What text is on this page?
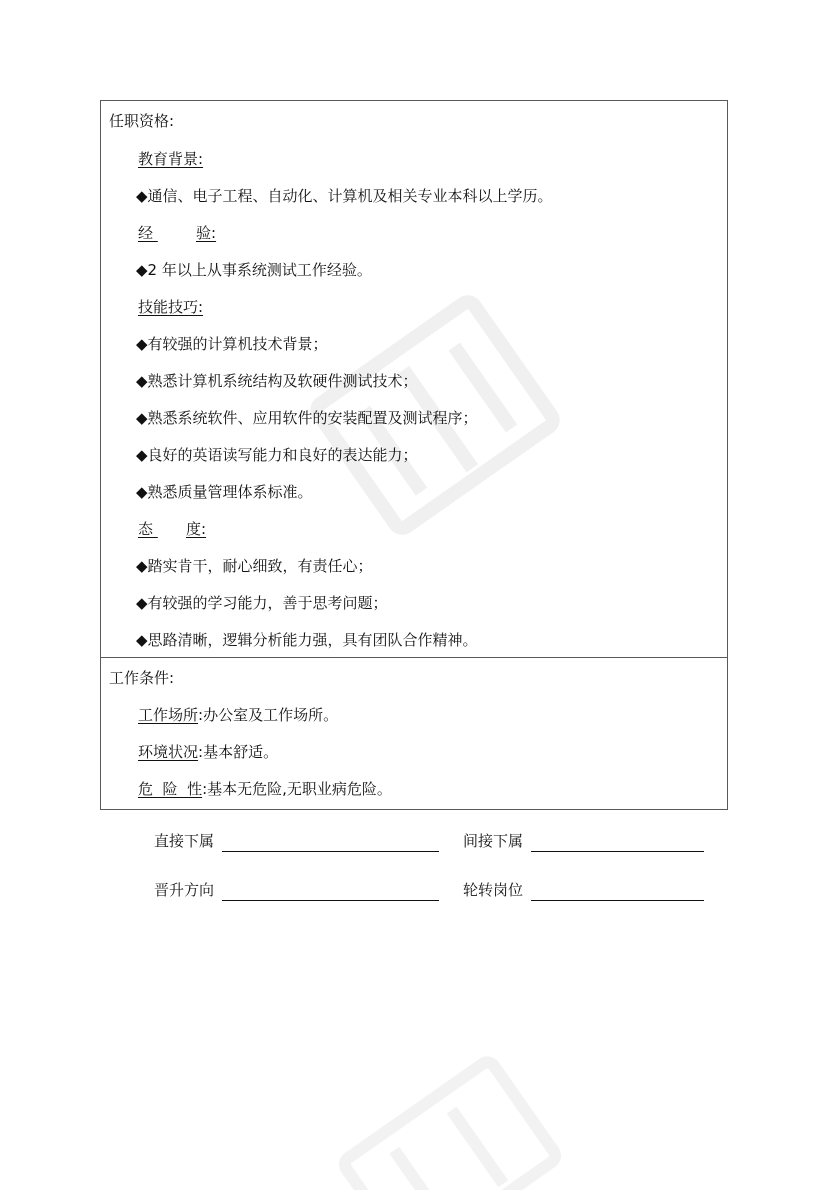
任职资格:
教育背景:
◆通信、电子工程、自动化、计算机及相关专业本科以上学历。
经	验:
◆2 年以上从事系统测试工作经验。
技能技巧:
◆有较强的计算机技术背景；
◆熟悉计算机系统结构及软硬件测试技术；
◆熟悉系统软件、应用软件的安装配置及测试程序；
◆良好的英语读写能力和良好的表达能力；
◆熟悉质量管理体系标准。
态 度:
◆踏实肯干，耐心细致，有责任心；
◆有较强的学习能力，善于思考问题；
◆思路清晰，逻辑分析能力强，具有团队合作精神。
工作条件:
工作场所:办公室及工作场所。
环境状况:基本舒适。
危  险  性:基本无危险,无职业病危险。
直接下属	间接下属
晋升方向	轮转岗位
